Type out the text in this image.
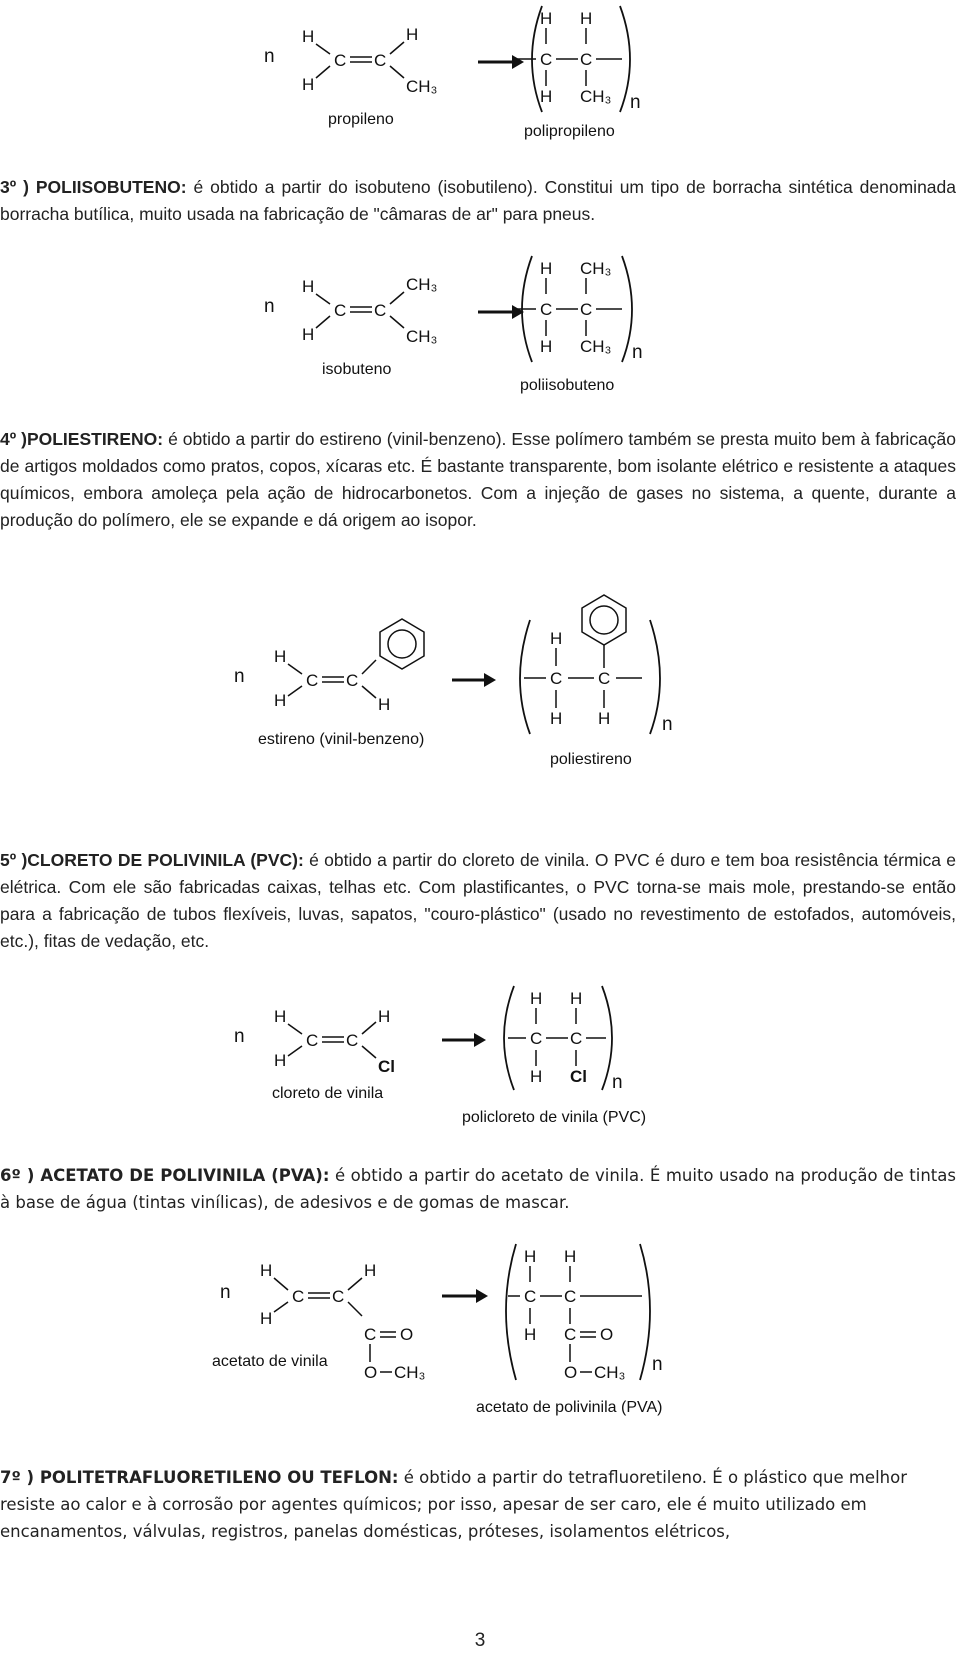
n
H
H
C C
H
CH₃
propileno
H H
C C
H CH₃ n
polipropileno
3º ) POLIISOBUTENO: é obtido a partir do isobuteno (isobutileno). Constitui um tipo de borracha sintética denominada borracha butílica, muito usada na fabricação de "câmaras de ar" para pneus.
n
H
H
C C
CH₃
CH₃
isobuteno
H CH₃
C C
H CH₃ n
poliisobuteno
4º )POLIESTIRENO: é obtido a partir do estireno (vinil-benzeno). Esse polímero também se presta muito bem à fabricação de artigos moldados como pratos, copos, xícaras etc. É bastante transparente, bom isolante elétrico e resistente a ataques químicos, embora amoleça pela ação de hidrocarbonetos. Com a injeção de gases no sistema, a quente, durante a produção do polímero, ele se expande e dá origem ao isopor.
n
H
H
C C
H
estireno (vinil-benzeno)
H
C C
H H	n
poliestireno
5º )CLORETO DE POLIVINILA (PVC): é obtido a partir do cloreto de vinila. O PVC é duro e tem boa resistência térmica e elétrica. Com ele são fabricadas caixas, telhas etc. Com plastificantes, o PVC torna-se mais mole, prestando-se então para a fabricação de tubos flexíveis, luvas, sapatos, "couro-plástico" (usado no revestimento de estofados, automóveis, etc.), fitas de vedação, etc.
n
H
H
C C
H
Cl
cloreto de vinila
H H
C C
H Cl n
policloreto de vinila (PVC)
6º ) ACETATO DE POLIVINILA (PVA): é obtido a partir do acetato de vinila. É muito usado na produção de tintas à base de água (tintas vinílicas), de adesivos e de gomas de mascar.
n
H
H
C C
H
C O
O CH₃
acetato de vinila
H H
C C
H C O
O CH₃ n
acetato de polivinila (PVA)
7º ) POLITETRAFLUORETILENO OU TEFLON: é obtido a partir do tetrafluoretileno. É o plástico que melhor resiste ao calor e à corrosão por agentes químicos; por isso, apesar de ser caro, ele é muito utilizado em encanamentos, válvulas, registros, panelas domésticas, próteses, isolamentos elétricos,
3
